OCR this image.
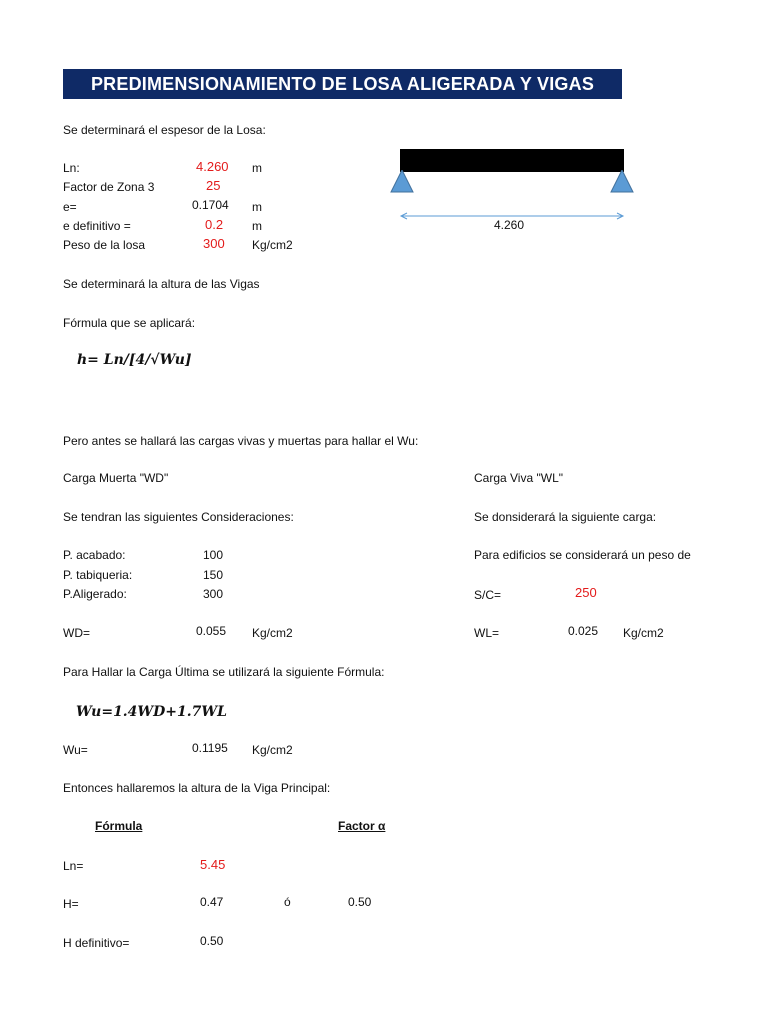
PREDIMENSIONAMIENTO DE LOSA ALIGERADA Y VIGAS
Se determinará el espesor de la Losa:
Ln:	4.260 m
Factor de Zona 3	25
e=	0.1704 m
e definitivo =	0.2 m
Peso de la losa	300 Kg/cm2
4.260
Se determinará la altura de las Vigas
Fórmula que se aplicará:
h= Ln/[4/√Wu]
Pero antes se hallará las cargas vivas y muertas para hallar el Wu:
Carga Muerta "WD"
Se tendran las siguientes Consideraciones:
P. acabado:	100
P. tabiqueria:	150
P.Aligerado:	300
WD=	0.055 Kg/cm2
Carga Viva "WL"
Se donsiderará la siguiente carga:
Para edificios se considerará un peso de
S/C=	250
WL=	0.025 Kg/cm2
Para Hallar la Carga Última se utilizará la siguiente Fórmula:
Wu=1.4WD+1.7WL
Wu=	0.1195 Kg/cm2
Entonces hallaremos la altura de la Viga Principal:
Fórmula	Factor α
Ln=	5.45
H=	0.47	ó	0.50
H definitivo=	0.50
